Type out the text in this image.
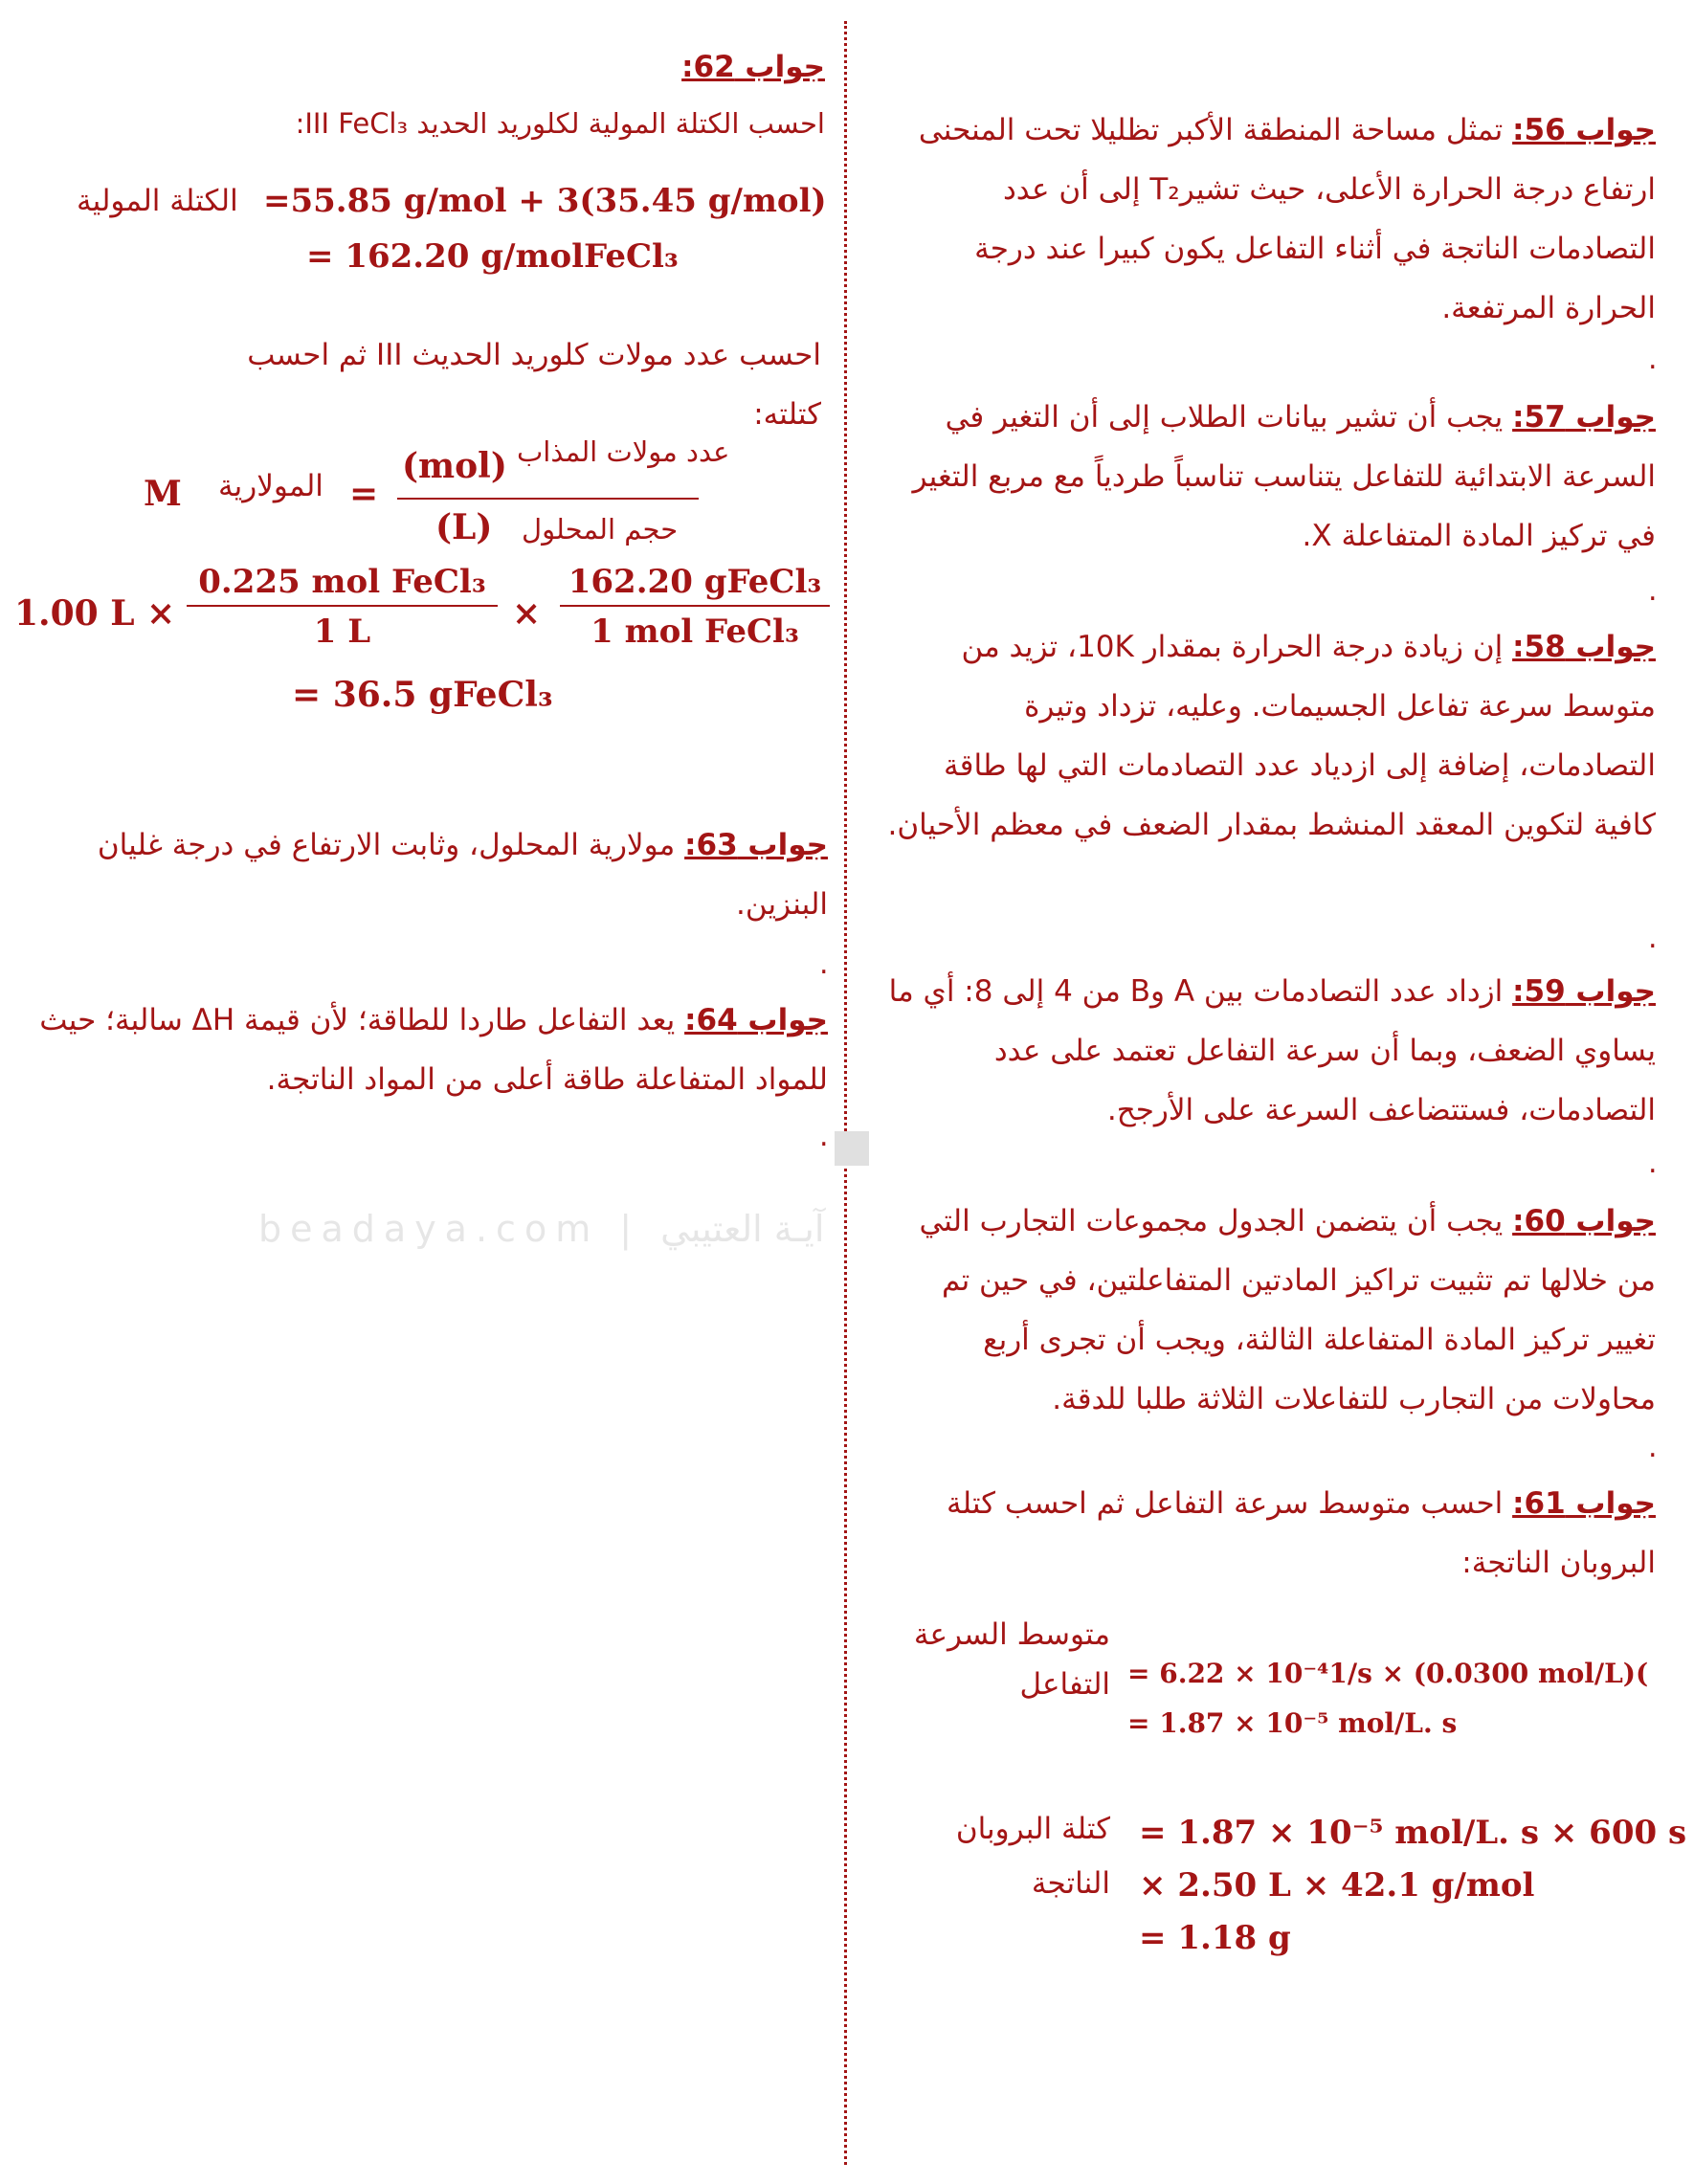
جواب 56: تمثل مساحة المنطقة الأكبر تظليلا تحت المنحنى ارتفاع درجة الحرارة الأعلى، حيث تشيرT₂ إلى أن عدد التصادمات الناتجة في أثناء التفاعل يكون كبيرا عند درجة الحرارة المرتفعة.
.
جواب 57: يجب أن تشير بيانات الطلاب إلى أن التغير في السرعة الابتدائية للتفاعل يتناسب تناسباً طردياً مع مربع التغير في تركيز المادة المتفاعلة X.
.
جواب 58: إن زيادة درجة الحرارة بمقدار 10K، تزيد من متوسط سرعة تفاعل الجسيمات. وعليه، تزداد وتيرة التصادمات، إضافة إلى ازدياد عدد التصادمات التي لها طاقة كافية لتكوين المعقد المنشط بمقدار الضعف في معظم الأحيان.
.
جواب 59: ازداد عدد التصادمات بين A وB من 4 إلى 8: أي ما يساوي الضعف، وبما أن سرعة التفاعل تعتمد على عدد التصادمات، فستتضاعف السرعة على الأرجح.
.
جواب 60: يجب أن يتضمن الجدول مجموعات التجارب التي من خلالها تم تثبيت تراكيز المادتين المتفاعلتين، في حين تم تغيير تركيز المادة المتفاعلة الثالثة، ويجب أن تجرى أربع محاولات من التجارب للتفاعلات الثلاثة طلبا للدقة.
.
جواب 61: احسب متوسط سرعة التفاعل ثم احسب كتلة البروبان الناتجة:
متوسط السرعة
التفاعل = 6.22 × 10⁻⁴1/s × (0.0300 mol/L)(
= 1.87 × 10⁻⁵ mol/L. s
كتلة البروبان
الناتجة
= 1.87 × 10⁻⁵ mol/L. s × 600 s
× 2.50 L × 42.1 g/mol
= 1.18 g
جواب 62:
احسب الكتلة المولية لكلوريد الحديد III ‎FeCl₃:
الكتلة المولية =55.85 g/mol + 3(35.45 g/mol)
= 162.20 g/molFeCl₃
احسب عدد مولات كلوريد الحديث III ثم احسب كتلته:
M المولارية =
(mol) عدد مولات المذاب
(L) حجم المحلول
1.00 L ×
0.225 mol FeCl₃
1 L	×
162.20 gFeCl₃
1 mol FeCl₃
= 36.5 gFeCl₃
جواب 63: مولارية المحلول، وثابت الارتفاع في درجة غليان البنزين.
.
جواب 64: يعد التفاعل طاردا للطاقة؛ لأن قيمة ΔH سالبة؛ حيث للمواد المتفاعلة طاقة أعلى من المواد الناتجة.
.
beadaya.com | آيـة العتيبي
